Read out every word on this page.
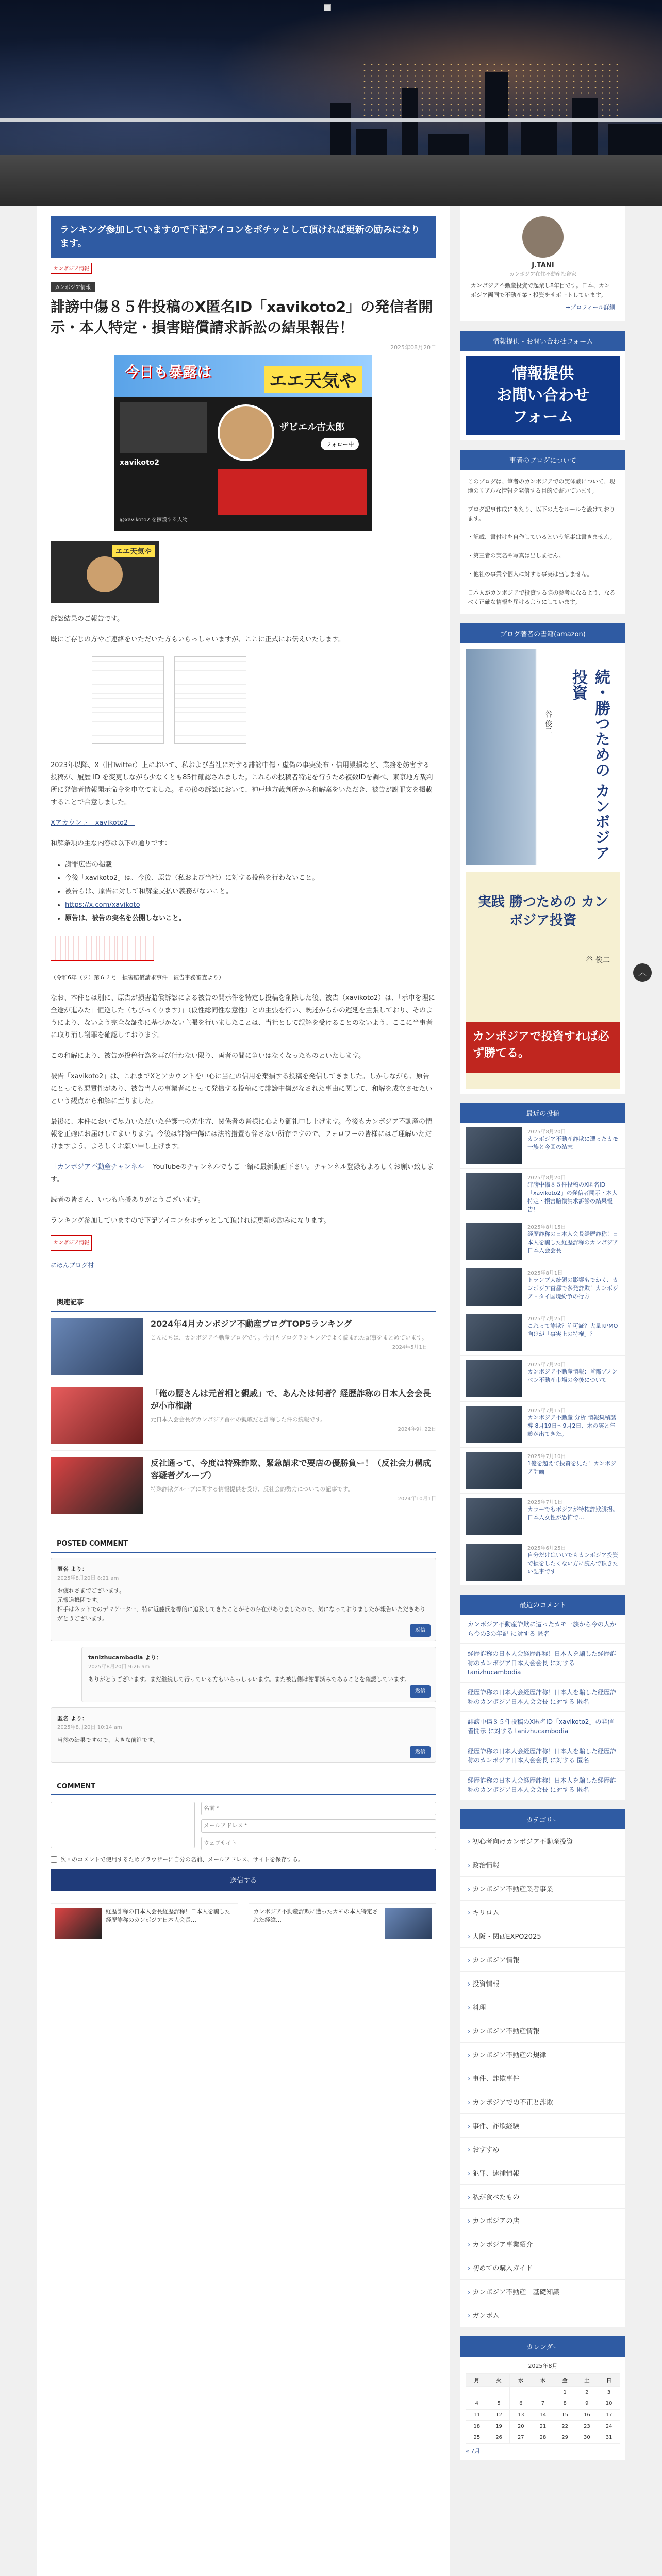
ランキング参加していますので下記アイコンをポチッとして頂ければ更新の励みになります。
カンボジア情報
カンボジア情報
誹謗中傷８５件投稿のX匿名ID「xavikoto2」の発信者開示・本人特定・損害賠償請求訴訟の結果報告！
2025年08月20日
今日も暴露は	エエ天気や
ザビエル古太郎
フォロー中
xavikoto2
@xavikoto2 を擁護する人物
エエ天気や

訴訟結果のご報告です。

既にご存じの方やご連絡をいただいた方もいらっしゃいますが、ここに正式にお伝えいたします。

2023年以降、X（旧Twitter）上において、私および当社に対する誹謗中傷・虚偽の事実流布・信用毀損など、業務を妨害する投稿が、履歴 ID を変更しながら少なくとも85件確認されました。これらの投稿者特定を行うため複数IDを調べ、東京地方裁判所に発信者情報開示命令を申立てました。その後の訴訟において、神戸地方裁判所から和解案をいただき、被告が謝罪文を掲載することで合意しました。

Xアカウント「xavikoto2」

和解条項の主な内容は以下の通りです：

• 謝罪広告の掲載
• 今後「xavikoto2」は、今後、原告（私および当社）に対する投稿を行わないこと。
• 被告らは、原告に対して和解金支払い義務がないこと。
• https://x.com/xavikoto
• 原告は、被告の実名を公開しないこと。

（令和6年（ワ）第６２号　損害賠償請求事件　被告事務審査より）

なお、本件とは別に、原告が損害賠償訴訟による被告の開示件を特定し投稿を削除した後、被告（xavikoto2）は、「示申を理に全途が進みた」恒逆した（ちびっくります）」（仮性総同性な意性）との主張を行い、既述からかの遅延を主張しており、そのようにより、ないよう完全な証拠に基づかない主張を行いましたことは、当社として誤解を受けることのないよう、ここに当事者に取り消し謝罪を確認しております。

この和解により、被告が投稿行為を再び行わない限り、両者の間に争いはなくなったものといたします。

被告「xavikoto2」は、これまでXとアカウントを中心に当社の信用を棄損する投稿を発信してきました。しかしながら、原告にとっても悪質性があり、被告当人の事業者にとって発信する投稿にて誹謗中傷がなされた事由に関して、和解を成立させたいという観点から和解に至りました。

最後に、本件において尽力いただいた弁護士の先生方、関係者の皆様に心より御礼申し上げます。今後もカンボジア不動産の情報を正確にお届けしてまいります。今後は誹謗中傷には法的措置も辞さない所存ですので、フォロワーの皆様にはご理解いただけますよう、よろしくお願い申し上げます。

「カンボジア不動産チャンネル」 YouTubeのチャンネルでもご一緒に最新動画下さい。チャンネル登録もよろしくお願い致します。

読者の皆さん、いつも応援ありがとうございます。

ランキング参加していますので下記アイコンをポチッとして頂ければ更新の励みになります。

カンボジア情報

にほんブログ村

関連記事
2024年4月カンボジア不動産ブログTOP5ランキング
こんにちは、カンボジア不動産ブログです。今月もブログランキングでよく読まれた記事をまとめています。
2024年5月1日
「俺の腰さんは元首相と親戚」で、あんたは何者？経歴詐称の日本人会会長が小市権謝
元日本人会会長がカンボジア首相の親戚だと詐称した件の続報です。
2024年9月22日
反社通って、今度は特殊詐欺、緊急請求で要店の優勝負ー！（反社会力構成容疑者グループ）
特殊詐欺グループに関する情報提供を受け、反社会的勢力についての記事です。
2024年10月1日
POSTED COMMENT
匿名 より：
2025年8月20日 8:21 am
お疲れさまでございます。
元報道機関です。
相手はネットでのデマゲーター、特に近藤氏を標的に追及してきたことがその存在がありましたので、気になっておりましたが報告いただきありがとうございます。
返信
tanizhucambodia より：
2025年8月20日 9:26 am
ありがとうございます。まだ継続して行っている方もいらっしゃいます。また被告側は謝罪済みであることを確認しています。
返信
匿名 より：
2025年8月20日 10:14 am
当然の結果ですので、大きな前進です。
返信
COMMENT
名前 *
メールアドレス *
ウェブサイト
次回のコメントで使用するためブラウザーに自分の名前、メールアドレス、サイトを保存する。
送信する
経歴詐称の日本人会長経歴詐称！日本人を騙した経歴詐称のカンボジア日本人会長…
カンボジア不動産詐欺に遭ったカモの本人特定された経緯…
J.TANI
カンボジア在住不動産投資家
カンボジア不動産投資で起業し8年目です。日本、カンボジア両国で不動産業・投資をサポートしています。
→プロフィール詳細
情報提供・お問い合わせフォーム
情報提供
お問い合わせ
フォーム
事者のブログについて
このブログは、筆者のカンボジアでの実体験について、現地のリアルな情報を発信する目的で書いています。

ブログ記事作成にあたり、以下の点をルールを設けております。

・記載、書付けを自作しているという記事は書きません。

・第三者の実名や写真は出しません。

・他社の事業や個人に対する事実は出しません。

日本人がカンボジアで投資する際の参考になるよう、なるべく正確な情報を届けるようにしています。
ブログ著者の書籍(amazon)
続・勝つための カンボジア投資
谷 俊二
実践 勝つための カンボジア投資
谷 俊二
カンボジアで投資すれば必ず勝てる。
最近の投稿
2025年8月20日
カンボジア不動産詐欺に遭ったカモ一族と今回の結末
2025年8月20日
誹謗中傷８５件投稿のX匿名ID「xavikoto2」の発信者開示・本人特定・損害賠償請求訴訟の結果報告！
2025年8月15日
経歴詐称の日本人会長経歴詐称！日本人を騙した経歴詐称のカンボジア日本人会会長
2025年8月1日
トランプ大統領の影響もでかく、カンボジア首都で多発詐欺！カンボジア・タイ国境紛争の行方
2025年7月25日
これって詐欺？許可証？大量RPMO向けが「事実上の特権」？
2025年7月20日
カンボジア不動産情報：首都プノンペン不動産市場の今後について
2025年7月15日
カンボジア不動産 分析 情報集積誘導 8月19日〜9月2日、木の実と年齢が出てきた。
2025年7月10日
1億を超えて投資を見た！カンボジア計画
2025年7月1日
カラーでもボジアが特権詐欺誘拐。日本人女性が恐怖で…
2025年6月25日
自分だけはいいでもカンボジア投資で損をしたくない方に読んで頂きたい記事です
最近のコメント
カンボジア不動産詐欺に遭ったカモ一族から今の人から今の3の年記 に対する 匿名
経歴詐称の日本人会経歴詐称！日本人を騙した経歴詐称のカンボジア日本人会会長 に対する tanizhucambodia
経歴詐称の日本人会経歴詐称！日本人を騙した経歴詐称のカンボジア日本人会会長 に対する 匿名
誹謗中傷８５件投稿のX匿名ID「xavikoto2」の発信者開示 に対する tanizhucambodia
経歴詐称の日本人会経歴詐称！日本人を騙した経歴詐称のカンボジア日本人会会長 に対する 匿名
経歴詐称の日本人会経歴詐称！日本人を騙した経歴詐称のカンボジア日本人会会長 に対する 匿名
カテゴリー
› 初心者向けカンボジア不動産投資
› 政治情報
› カンボジア不動産業者事業
› キリロム
› 大阪・関西EXPO2025
› カンボジア情報
› 投資情報
› 料理
› カンボジア不動産情報
› カンボジア不動産の規律
› 事件、詐欺事件
› カンボジアでの不正と詐欺
› 事件、詐欺経験
› おすすめ
› 犯罪、逮捕情報
› 私が食べたもの
› カンボジアの店
› カンボジア事業紹介
› 初めての購入ガイド
› カンボジア不動産　基礎知識
› ガンボム
カレンダー
2025年8月
月	火	水	木	金	土	日
				1	2	3
4	5	6	7	8	9	10
11	12	13	14	15	16	17
18	19	20	21	22	23	24
25	26	27	28	29	30	31
« 7月
︿
